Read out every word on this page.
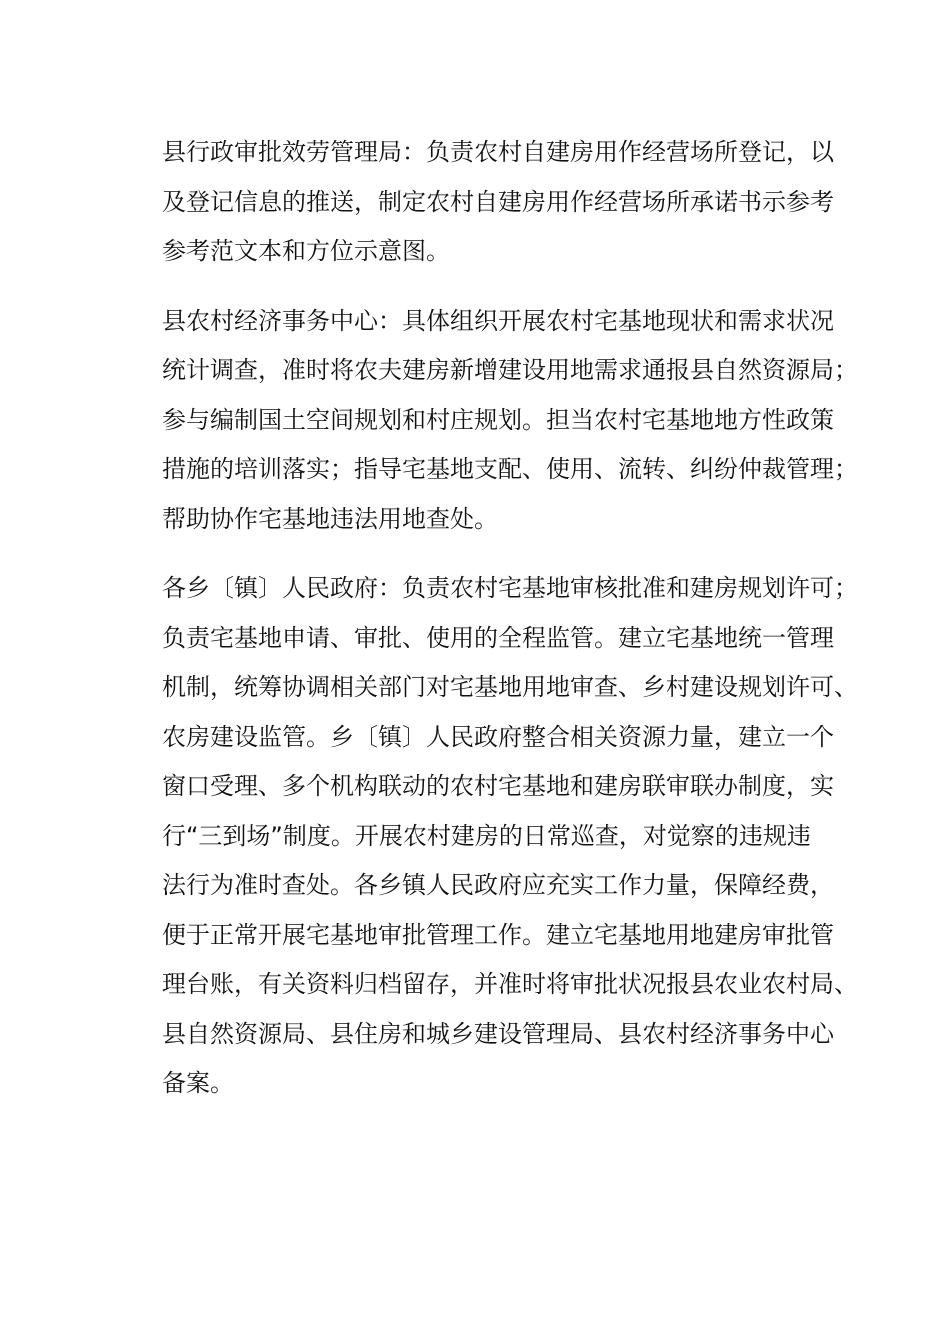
县行政审批效劳管理局：负责农村自建房用作经营场所登记，以
及登记信息的推送，制定农村自建房用作经营场所承诺书示参考
参考范文本和方位示意图。

县农村经济事务中心：具体组织开展农村宅基地现状和需求状况
统计调查，准时将农夫建房新增建设用地需求通报县自然资源局；
参与编制国土空间规划和村庄规划。担当农村宅基地地方性政策
措施的培训落实；指导宅基地支配、使用、流转、纠纷仲裁管理；
帮助协作宅基地违法用地查处。

各乡〔镇〕人民政府：负责农村宅基地审核批准和建房规划许可；
负责宅基地申请、审批、使用的全程监管。建立宅基地统一管理
机制，统筹协调相关部门对宅基地用地审查、乡村建设规划许可、
农房建设监管。乡〔镇〕人民政府整合相关资源力量，建立一个
窗口受理、多个机构联动的农村宅基地和建房联审联办制度，实
行“三到场”制度。开展农村建房的日常巡查，对觉察的违规违
法行为准时查处。各乡镇人民政府应充实工作力量，保障经费，
便于正常开展宅基地审批管理工作。建立宅基地用地建房审批管
理台账，有关资料归档留存，并准时将审批状况报县农业农村局、
县自然资源局、县住房和城乡建设管理局、县农村经济事务中心
备案。
